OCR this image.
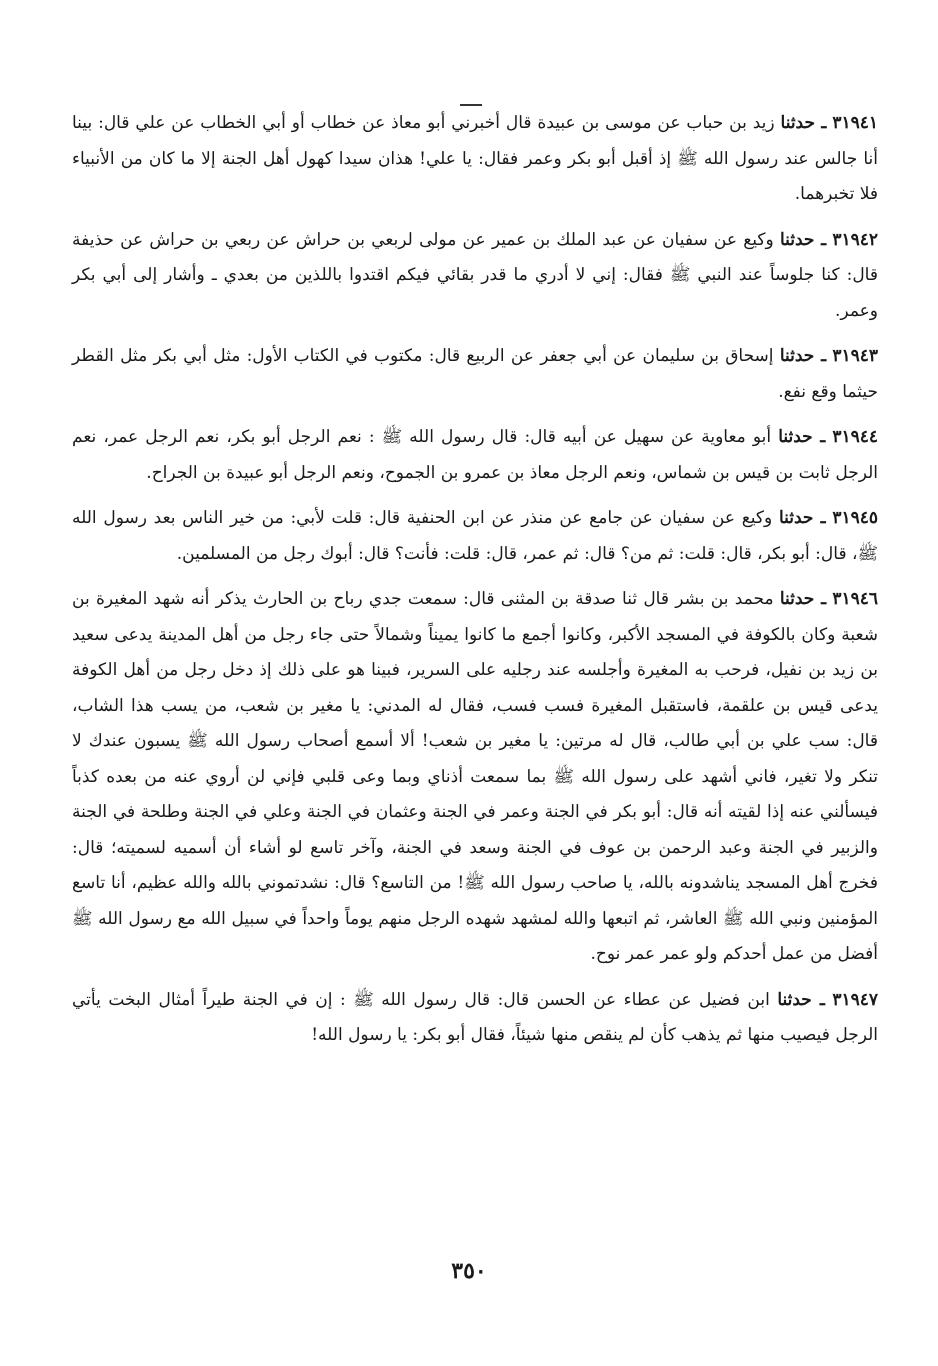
٣١٩٤١ ـ حدثنا زيد بن حباب عن موسى بن عبيدة قال أخبرني أبو معاذ عن خطاب أو أبي الخطاب عن علي قال: بينا أنا جالس عند رسول الله ﷺ إذ أقبل أبو بكر وعمر فقال: يا علي! هذان سيدا كهول أهل الجنة إلا ما كان من الأنبياء فلا تخبرهما.

٣١٩٤٢ ـ حدثنا وكيع عن سفيان عن عبد الملك بن عمير عن مولى لربعي بن حراش عن ربعي بن حراش عن حذيفة قال: كنا جلوساً عند النبي ﷺ فقال: إني لا أدري ما قدر بقائي فيكم اقتدوا باللذين من بعدي ـ وأشار إلى أبي بكر وعمر.

٣١٩٤٣ ـ حدثنا إسحاق بن سليمان عن أبي جعفر عن الربيع قال: مكتوب في الكتاب الأول: مثل أبي بكر مثل القطر حيثما وقع نفع.

٣١٩٤٤ ـ حدثنا أبو معاوية عن سهيل عن أبيه قال: قال رسول الله ﷺ : نعم الرجل أبو بكر، نعم الرجل عمر، نعم الرجل ثابت بن قيس بن شماس، ونعم الرجل معاذ بن عمرو بن الجموح، ونعم الرجل أبو عبيدة بن الجراح.

٣١٩٤٥ ـ حدثنا وكيع عن سفيان عن جامع عن منذر عن ابن الحنفية قال: قلت لأبي: من خير الناس بعد رسول الله ﷺ، قال: أبو بكر، قال: قلت: ثم من؟ قال: ثم عمر، قال: قلت: فأنت؟ قال: أبوك رجل من المسلمين.

٣١٩٤٦ ـ حدثنا محمد بن بشر قال ثنا صدقة بن المثنى قال: سمعت جدي رباح بن الحارث يذكر أنه شهد المغيرة بن شعبة وكان بالكوفة في المسجد الأكبر، وكانوا أجمع ما كانوا يميناً وشمالاً حتى جاء رجل من أهل المدينة يدعى سعيد بن زيد بن نفيل، فرحب به المغيرة وأجلسه عند رجليه على السرير، فبينا هو على ذلك إذ دخل رجل من أهل الكوفة يدعى قيس بن علقمة، فاستقبل المغيرة فسب فسب، فقال له المدني: يا مغير بن شعب، من يسب هذا الشاب، قال: سب علي بن أبي طالب، قال له مرتين: يا مغير بن شعب! ألا أسمع أصحاب رسول الله ﷺ يسبون عندك لا تنكر ولا تغير، فاني أشهد على رسول الله ﷺ بما سمعت أذناي وبما وعى قلبي فإني لن أروي عنه من بعده كذباً فيسألني عنه إذا لقيته أنه قال: أبو بكر في الجنة وعمر في الجنة وعثمان في الجنة وعلي في الجنة وطلحة في الجنة والزبير في الجنة وعبد الرحمن بن عوف في الجنة وسعد في الجنة، وآخر تاسع لو أشاء أن أسميه لسميته؛ قال: فخرج أهل المسجد يناشدونه بالله، يا صاحب رسول الله ﷺ! من التاسع؟ قال: نشدتموني بالله والله عظيم، أنا تاسع المؤمنين ونبي الله ﷺ العاشر، ثم اتبعها والله لمشهد شهده الرجل منهم يوماً واحداً في سبيل الله مع رسول الله ﷺ أفضل من عمل أحدكم ولو عمر عمر نوح.

٣١٩٤٧ ـ حدثنا ابن فضيل عن عطاء عن الحسن قال: قال رسول الله ﷺ : إن في الجنة طيراً أمثال البخت يأتي الرجل فيصيب منها ثم يذهب كأن لم ينقص منها شيئاً، فقال أبو بكر: يا رسول الله!

٣٥٠
